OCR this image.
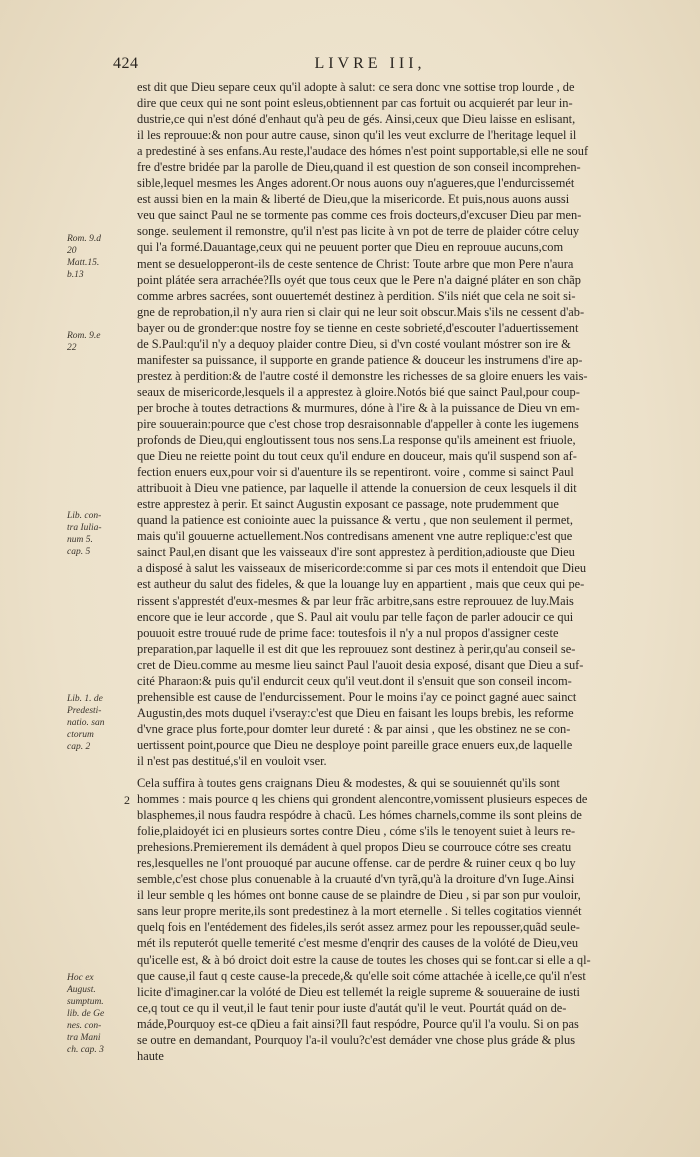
424	LIVRE III,
est dit que Dieu separe ceux qu'il adopte à salut: ce sera donc vne sottise trop lourde , de
dire que ceux qui ne sont point esleus,obtiennent par cas fortuit ou acquierét par leur in-
dustrie,ce qui n'est dóné d'enhaut qu'à peu de gés. Ainsi,ceux que Dieu laisse en eslisant,
il les reprouue:& non pour autre cause, sinon qu'il les veut exclurre de l'heritage lequel il
a predestiné à ses enfans.Au reste,l'audace des hómes n'est point supportable,si elle ne souf
fre d'estre bridée par la parolle de Dieu,quand il est question de son conseil incomprehen-
sible,lequel mesmes les Anges adorent.Or nous auons ouy n'agueres,que l'endurcissemét
est aussi bien en la main & liberté de Dieu,que la misericorde. Et puis,nous auons aussi
veu que sainct Paul ne se tormente pas comme ces frois docteurs,d'excuser Dieu par men-
songe. seulement il remonstre, qu'il n'est pas licite à vn pot de terre de plaider cótre celuy
qui l'a formé.Dauantage,ceux qui ne peuuent porter que Dieu en reprouue aucuns,com
ment se desuelopperont-ils de ceste sentence de Christ: Toute arbre que mon Pere n'aura
point plátée sera arrachée?Ils oyét que tous ceux que le Pere n'a daigné pláter en son chãp
comme arbres sacrées, sont ouuertemét destinez à perdition. S'ils niét que cela ne soit si-
gne de reprobation,il n'y aura rien si clair qui ne leur soit obscur.Mais s'ils ne cessent d'ab-
bayer ou de gronder:que nostre foy se tienne en ceste sobrieté,d'escouter l'aduertissement
de S.Paul:qu'il n'y a dequoy plaider contre Dieu, si d'vn costé voulant móstrer son ire &
manifester sa puissance, il supporte en grande patience & douceur les instrumens d'ire ap-
prestez à perdition:& de l'autre costé il demonstre les richesses de sa gloire enuers les vais-
seaux de misericorde,lesquels il a apprestez à gloire.Notós bié que sainct Paul,pour coup-
per broche à toutes detractions & murmures, dóne à l'ire & à la puissance de Dieu vn em-
pire souuerain:pource que c'est chose trop desraisonnable d'appeller à conte les iugemens
profonds de Dieu,qui engloutissent tous nos sens.La response qu'ils ameinent est friuole,
que Dieu ne reiette point du tout ceux qu'il endure en douceur, mais qu'il suspend son af-
fection enuers eux,pour voir si d'auenture ils se repentiront. voire , comme si sainct Paul
attribuoit à Dieu vne patience, par laquelle il attende la conuersion de ceux lesquels il dit
estre apprestez à perir. Et sainct Augustin exposant ce passage, note prudemment que
quand la patience est coniointe auec la puissance & vertu , que non seulement il permet,
mais qu'il gouuerne actuellement.Nos contredisans amenent vne autre replique:c'est que
sainct Paul,en disant que les vaisseaux d'ire sont apprestez à perdition,adiouste que Dieu
a disposé à salut les vaisseaux de misericorde:comme si par ces mots il entendoit que Dieu
est autheur du salut des fideles, & que la louange luy en appartient , mais que ceux qui pe-
rissent s'apprestét d'eux-mesmes & par leur frãc arbitre,sans estre reprouuez de luy.Mais
encore que ie leur accorde , que S. Paul ait voulu par telle façon de parler adoucir ce qui
pouuoit estre trouué rude de prime face: toutesfois il n'y a nul propos d'assigner ceste
preparation,par laquelle il est dit que les reprouuez sont destinez à perir,qu'au conseil se-
cret de Dieu.comme au mesme lieu sainct Paul l'auoit desia exposé, disant que Dieu a suf-
cité Pharaon:& puis qu'il endurcit ceux qu'il veut.dont il s'ensuit que son conseil incom-
prehensible est cause de l'endurcissement. Pour le moins i'ay ce poinct gagné auec sainct
Augustin,des mots duquel i'vseray:c'est que Dieu en faisant les loups brebis, les reforme
d'vne grace plus forte,pour domter leur dureté : & par ainsi , que les obstinez ne se con-
uertissent point,pource que Dieu ne desploye point pareille grace enuers eux,de laquelle
il n'est pas destitué,s'il en vouloit vser.
Cela suffira à toutes gens craignans Dieu & modestes, & qui se souuiennét qu'ils sont
hommes : mais pource q les chiens qui grondent alencontre,vomissent plusieurs especes de
blasphemes,il nous faudra respódre à chacũ. Les hómes charnels,comme ils sont pleins de
folie,plaidoyét ici en plusieurs sortes contre Dieu , cóme s'ils le tenoyent suiet à leurs re-
prehesions.Premierement ils demádent à quel propos Dieu se courrouce cótre ses creatu
res,lesquelles ne l'ont prouoqué par aucune offense. car de perdre & ruiner ceux q bo luy
semble,c'est chose plus conuenable à la cruauté d'vn tyrã,qu'à la droiture d'vn Iuge.Ainsi
il leur semble q les hómes ont bonne cause de se plaindre de Dieu , si par son pur vouloir,
sans leur propre merite,ils sont predestinez à la mort eternelle . Si telles cogitatios viennét
quelq fois en l'entédement des fideles,ils serót assez armez pour les repousser,quãd seule-
mét ils reputerót quelle temerité c'est mesme d'enqrir des causes de la volóté de Dieu,veu
qu'icelle est, & à bó droict doit estre la cause de toutes les choses qui se font.car si elle a ql-
que cause,il faut q ceste cause-la precede,& qu'elle soit cóme attachée à icelle,ce qu'il n'est
licite d'imaginer.car la volóté de Dieu est tellemét la reigle supreme & souueraine de iusti
ce,q tout ce qu il veut,il le faut tenir pour iuste d'autát qu'il le veut. Pourtát quád on de-
máde,Pourquoy est-ce qDieu a fait ainsi?Il faut respódre, Pource qu'il l'a voulu. Si on pas
se outre en demandant, Pourquoy l'a-il voulu?c'est demáder vne chose plus gráde & plus
haute
2
Rom. 9.d
20
Matt.15.
b.13
Rom. 9.e
22
Lib. con-
tra Iulia-
num 5.
cap. 5
Lib. 1. de
Predesti-
natio. san
ctorum
cap. 2
Hoc ex
August.
sumptum.
lib. de Ge
nes. con-
tra Mani
ch. cap. 3
